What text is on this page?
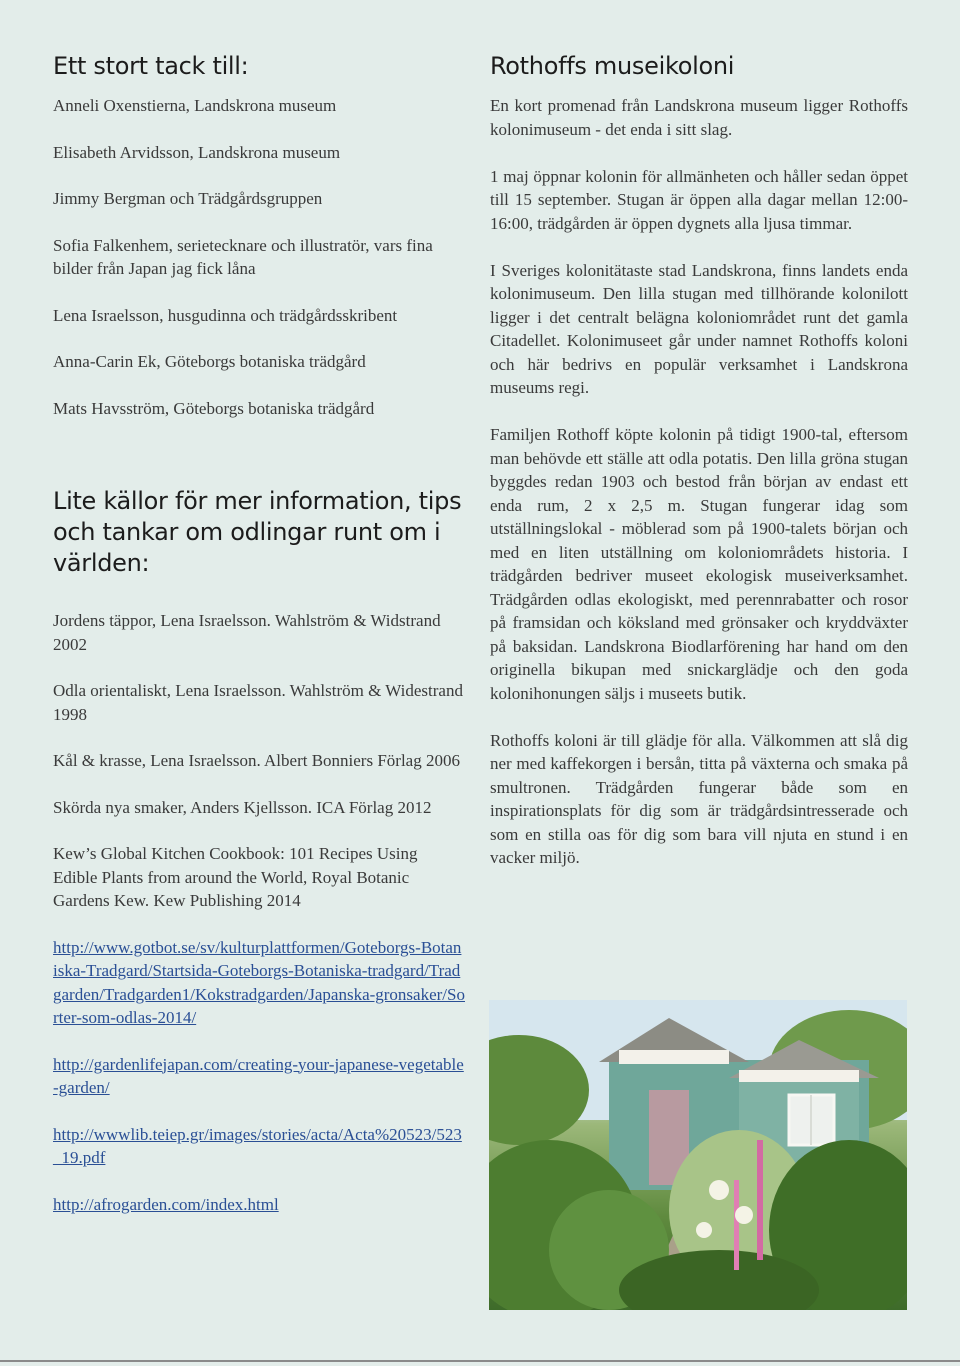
Ett stort tack till:

Anneli Oxenstierna, Landskrona museum

Elisabeth Arvidsson, Landskrona museum

Jimmy Bergman och Trädgårdsgruppen

Sofia Falkenhem, serietecknare och illustratör, vars fina bilder från Japan jag fick låna

Lena Israelsson, husgudinna och trädgårdsskribent

Anna-Carin Ek, Göteborgs botaniska trädgård

Mats Havsström, Göteborgs botaniska trädgård

Lite källor för mer information, tips och tankar om odlingar runt om i världen:

Jordens täppor, Lena Israelsson. Wahlström & Widstrand 2002

Odla orientaliskt, Lena Israelsson. Wahlström & Widestrand 1998

Kål & krasse, Lena Israelsson. Albert Bonniers Förlag 2006

Skörda nya smaker, Anders Kjellsson. ICA Förlag 2012

Kew’s Global Kitchen Cookbook: 101 Recipes Using Edible Plants from around the World, Royal Botanic Gardens Kew. Kew Publishing 2014

http://www.gotbot.se/sv/kulturplattformen/Goteborgs-Botaniska-Tradgard/Startsida-Goteborgs-Botaniska-tradgard/Tradgarden/Tradgarden1/Kokstradgarden/Japanska-gronsaker/Sorter-som-odlas-2014/
http://gardenlifejapan.com/creating-your-japanese-vegetable-garden/
http://wwwlib.teiep.gr/images/stories/acta/Acta%20523/523_19.pdf
http://afrogarden.com/index.html
Rothoffs museikoloni

En kort promenad från Landskrona museum ligger Rothoffs kolonimuseum - det enda i sitt slag.

1 maj öppnar kolonin för allmänheten och håller sedan öppet till 15 september. Stugan är öppen alla dagar mellan 12:00-16:00, trädgården är öppen dygnets alla ljusa timmar.

I Sveriges kolonitätaste stad Landskrona, finns landets enda kolonimuseum. Den lilla stugan med tillhörande kolonilott ligger i det centralt belägna koloniområdet runt det gamla Citadellet. Kolonimuseet går under namnet Rothoffs koloni och här bedrivs en populär verksamhet i Landskrona museums regi.

Familjen Rothoff köpte kolonin på tidigt 1900-tal, eftersom man behövde ett ställe att odla potatis. Den lilla gröna stugan byggdes redan 1903 och bestod från början av endast ett enda rum, 2 x 2,5 m. Stugan fungerar idag som utställningslokal - möblerad som på 1900-talets början och med en liten utställning om koloniområdets historia. I trädgården bedriver museet ekologisk museiverksamhet. Trädgården odlas ekologiskt, med perennrabatter och rosor på framsidan och köksland med grönsaker och kryddväxter på baksidan. Landskrona Biodlarförening har hand om den originella bikupan med snickarglädje och den goda kolonihonungen säljs i museets butik.

Rothoffs koloni är till glädje för alla. Välkommen att slå dig ner med kaffekorgen i bersån, titta på växterna och smaka på smultronen. Trädgården fungerar både som en inspirationsplats för dig som är trädgårdsintresserade och som en stilla oas för dig som bara vill njuta en stund i en vacker miljö.
